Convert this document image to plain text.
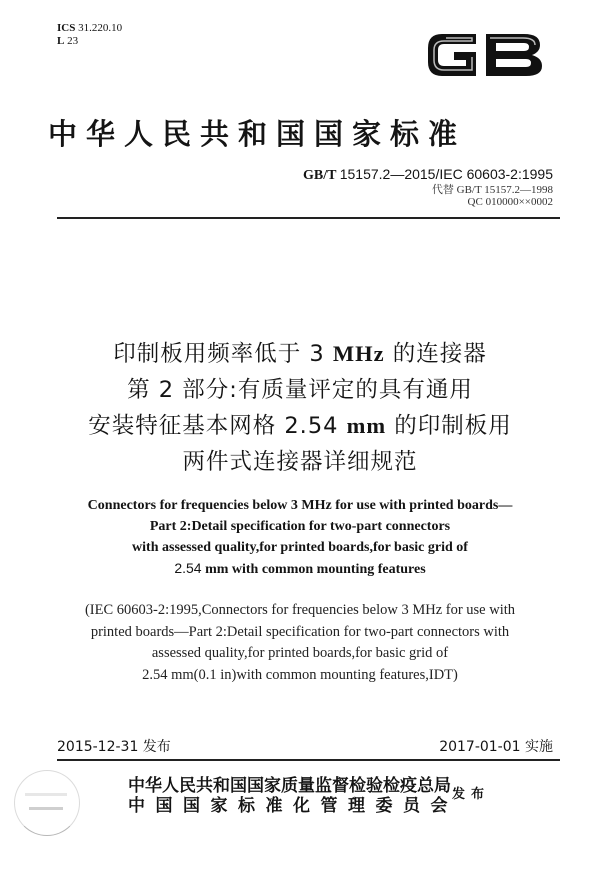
ICS 31.220.10
L 23
中华人民共和国国家标准
GB/T 15157.2—2015/IEC 60603-2:1995
代替 GB/T 15157.2—1998
QC 010000××0002
印制板用频率低于 3 MHz 的连接器
第 2 部分:有质量评定的具有通用
安装特征基本网格 2.54 mm 的印制板用
两件式连接器详细规范
Connectors for frequencies below 3 MHz for use with printed boards—
Part 2:Detail specification for two-part connectors
with assessed quality,for printed boards,for basic grid of
2.54 mm with common mounting features
(IEC 60603-2:1995,Connectors for frequencies below 3 MHz for use with
printed boards—Part 2:Detail specification for two-part connectors with
assessed quality,for printed boards,for basic grid of
2.54 mm(0.1 in)with common mounting features,IDT)
2015-12-31 发布	2017-01-01 实施
中华人民共和国国家质量监督检验检疫总局
中国国家标准化管理委员会
发布
